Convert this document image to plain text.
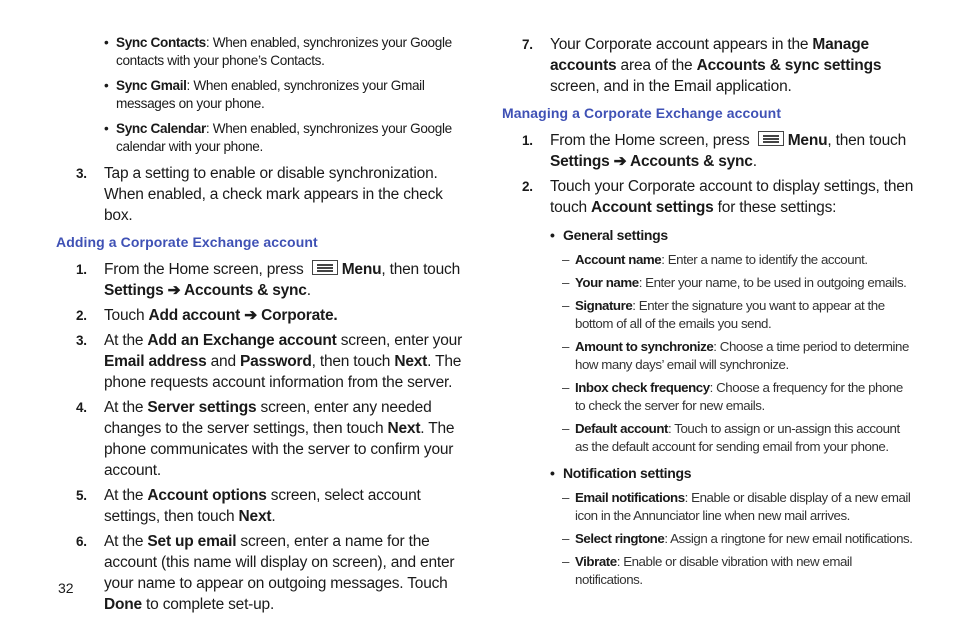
• Sync Contacts: When enabled, synchronizes your Google contacts with your phone’s Contacts.
• Sync Gmail: When enabled, synchronizes your Gmail messages on your phone.
• Sync Calendar: When enabled, synchronizes your Google calendar with your phone.
3. Tap a setting to enable or disable synchronization. When enabled, a check mark appears in the check box.
Adding a Corporate Exchange account
1. From the Home screen, press Menu, then touch Settings ➔ Accounts & sync.
2. Touch Add account ➔ Corporate.
3. At the Add an Exchange account screen, enter your Email address and Password, then touch Next. The phone requests account information from the server.
4. At the Server settings screen, enter any needed changes to the server settings, then touch Next. The phone communicates with the server to confirm your account.
5. At the Account options screen, select account settings, then touch Next.
6. At the Set up email screen, enter a name for the account (this name will display on screen), and enter your name to appear on outgoing messages. Touch Done to complete set-up.
7. Your Corporate account appears in the Manage accounts area of the Accounts & sync settings screen, and in the Email application.
Managing a Corporate Exchange account
1. From the Home screen, press Menu, then touch Settings ➔ Accounts & sync.
2. Touch your Corporate account to display settings, then touch Account settings for these settings:
• General settings
– Account name: Enter a name to identify the account.
– Your name: Enter your name, to be used in outgoing emails.
– Signature: Enter the signature you want to appear at the bottom of all of the emails you send.
– Amount to synchronize: Choose a time period to determine how many days’ email will synchronize.
– Inbox check frequency: Choose a frequency for the phone to check the server for new emails.
– Default account: Touch to assign or un-assign this account as the default account for sending email from your phone.
• Notification settings
– Email notifications: Enable or disable display of a new email icon in the Annunciator line when new mail arrives.
– Select ringtone: Assign a ringtone for new email notifications.
– Vibrate: Enable or disable vibration with new email notifications.
32
